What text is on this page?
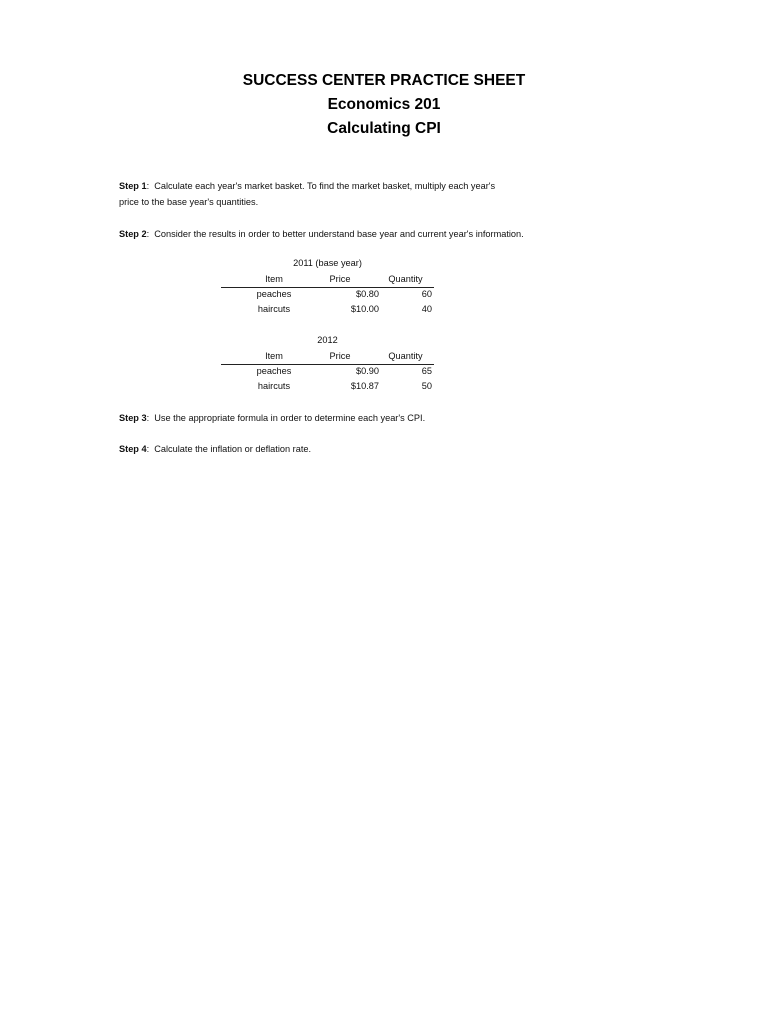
SUCCESS CENTER PRACTICE SHEET
Economics 201
Calculating CPI
Step 1:  Calculate each year's market basket. To find the market basket, multiply each year's
price to the base year's quantities.
Step 2:  Consider the results in order to better understand base year and current year's information.
2011 (base year)
Item	Price	Quantity
peaches	$0.80	60
haircuts	$10.00	40
2012
Item	Price	Quantity
peaches	$0.90	65
haircuts	$10.87	50
Step 3:  Use the appropriate formula in order to determine each year's CPI.
Step 4:  Calculate the inflation or deflation rate.
